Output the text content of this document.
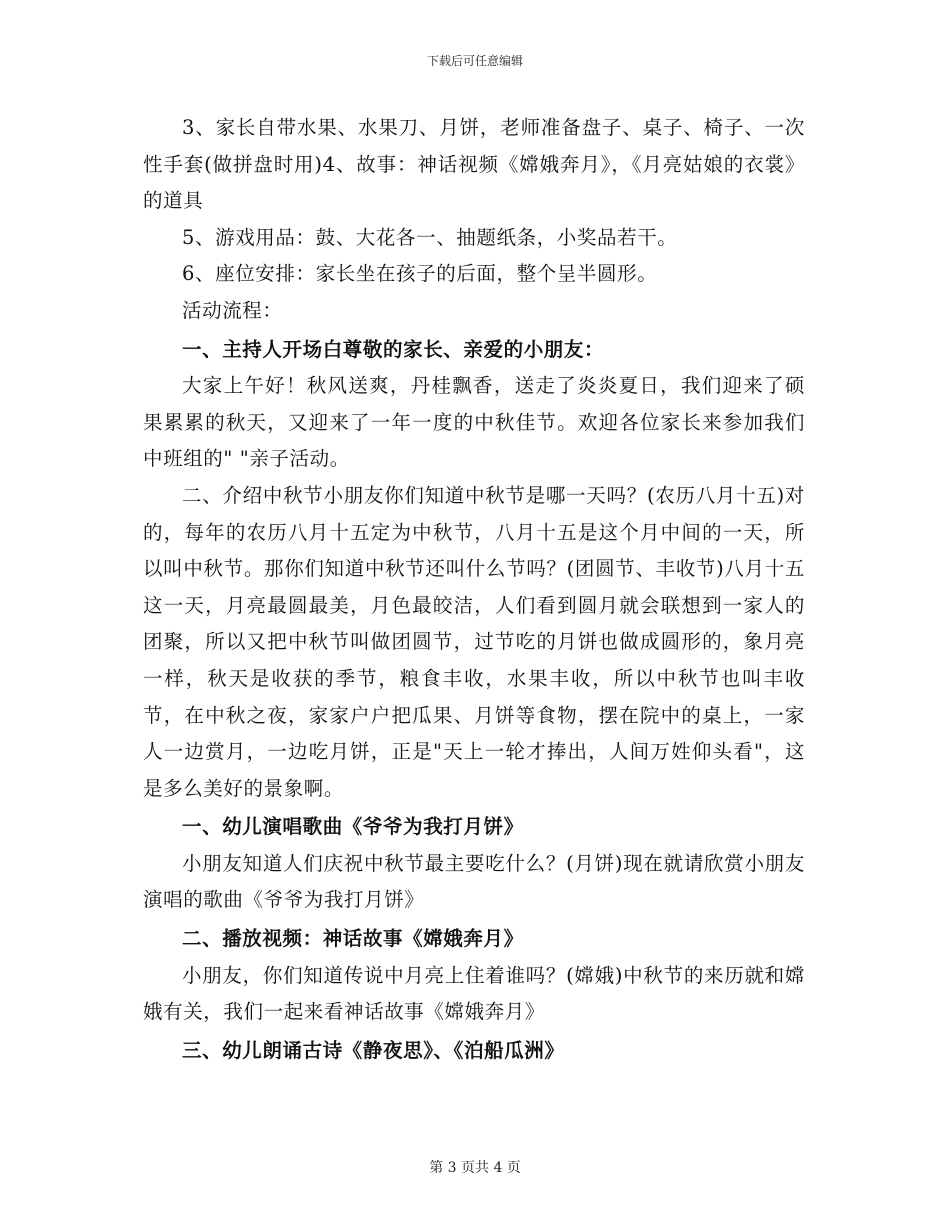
下载后可任意编辑

3、家长自带水果、水果刀、月饼，老师准备盘子、桌子、椅子、一次性手套(做拼盘时用)4、故事：神话视频《嫦娥奔月》，《月亮姑娘的衣裳》的道具

5、游戏用品：鼓、大花各一、抽题纸条，小奖品若干。

6、座位安排：家长坐在孩子的后面，整个呈半圆形。

活动流程：

一、主持人开场白尊敬的家长、亲爱的小朋友：

大家上午好！秋风送爽，丹桂飘香，送走了炎炎夏日，我们迎来了硕果累累的秋天，又迎来了一年一度的中秋佳节。欢迎各位家长来参加我们中班组的" "亲子活动。

二、介绍中秋节小朋友你们知道中秋节是哪一天吗？(农历八月十五)对的，每年的农历八月十五定为中秋节，八月十五是这个月中间的一天，所以叫中秋节。那你们知道中秋节还叫什么节吗？(团圆节、丰收节)八月十五这一天，月亮最圆最美，月色最皎洁，人们看到圆月就会联想到一家人的团聚，所以又把中秋节叫做团圆节，过节吃的月饼也做成圆形的，象月亮一样，秋天是收获的季节，粮食丰收，水果丰收，所以中秋节也叫丰收节，在中秋之夜，家家户户把瓜果、月饼等食物，摆在院中的桌上，一家人一边赏月，一边吃月饼，正是"天上一轮才捧出，人间万姓仰头看"，这是多么美好的景象啊。

一、幼儿演唱歌曲《爷爷为我打月饼》

小朋友知道人们庆祝中秋节最主要吃什么？(月饼)现在就请欣赏小朋友演唱的歌曲《爷爷为我打月饼》

二、播放视频：神话故事《嫦娥奔月》

小朋友，你们知道传说中月亮上住着谁吗？(嫦娥)中秋节的来历就和嫦娥有关，我们一起来看神话故事《嫦娥奔月》

三、幼儿朗诵古诗《静夜思》、《泊船瓜洲》

第 3 页共 4 页
